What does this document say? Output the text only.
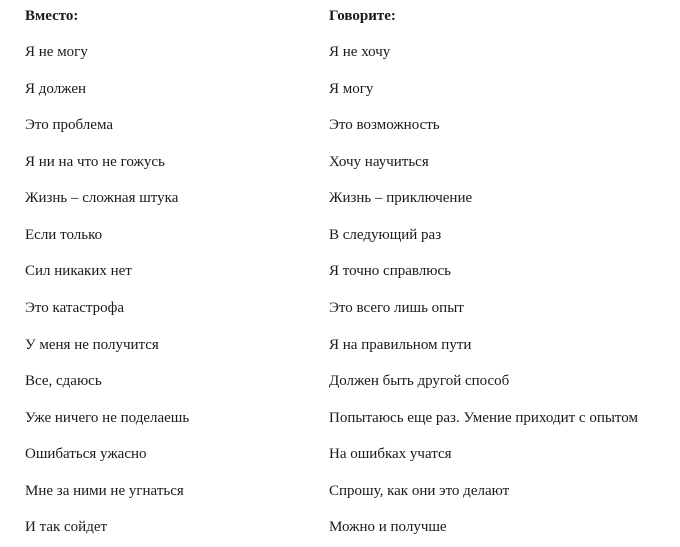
Вместо:	Говорите:
Я не могу	Я не хочу
Я должен	Я могу
Это проблема	Это возможность
Я ни на что не гожусь	Хочу научиться
Жизнь – сложная штука	Жизнь – приключение
Если только	В следующий раз
Сил никаких нет	Я точно справлюсь
Это катастрофа	Это всего лишь опыт
У меня не получится	Я на правильном пути
Все, сдаюсь	Должен быть другой способ
Уже ничего не поделаешь	Попытаюсь еще раз. Умение приходит с опытом
Ошибаться ужасно	На ошибках учатся
Мне за ними не угнаться	Спрошу, как они это делают
И так сойдет	Можно и получше
